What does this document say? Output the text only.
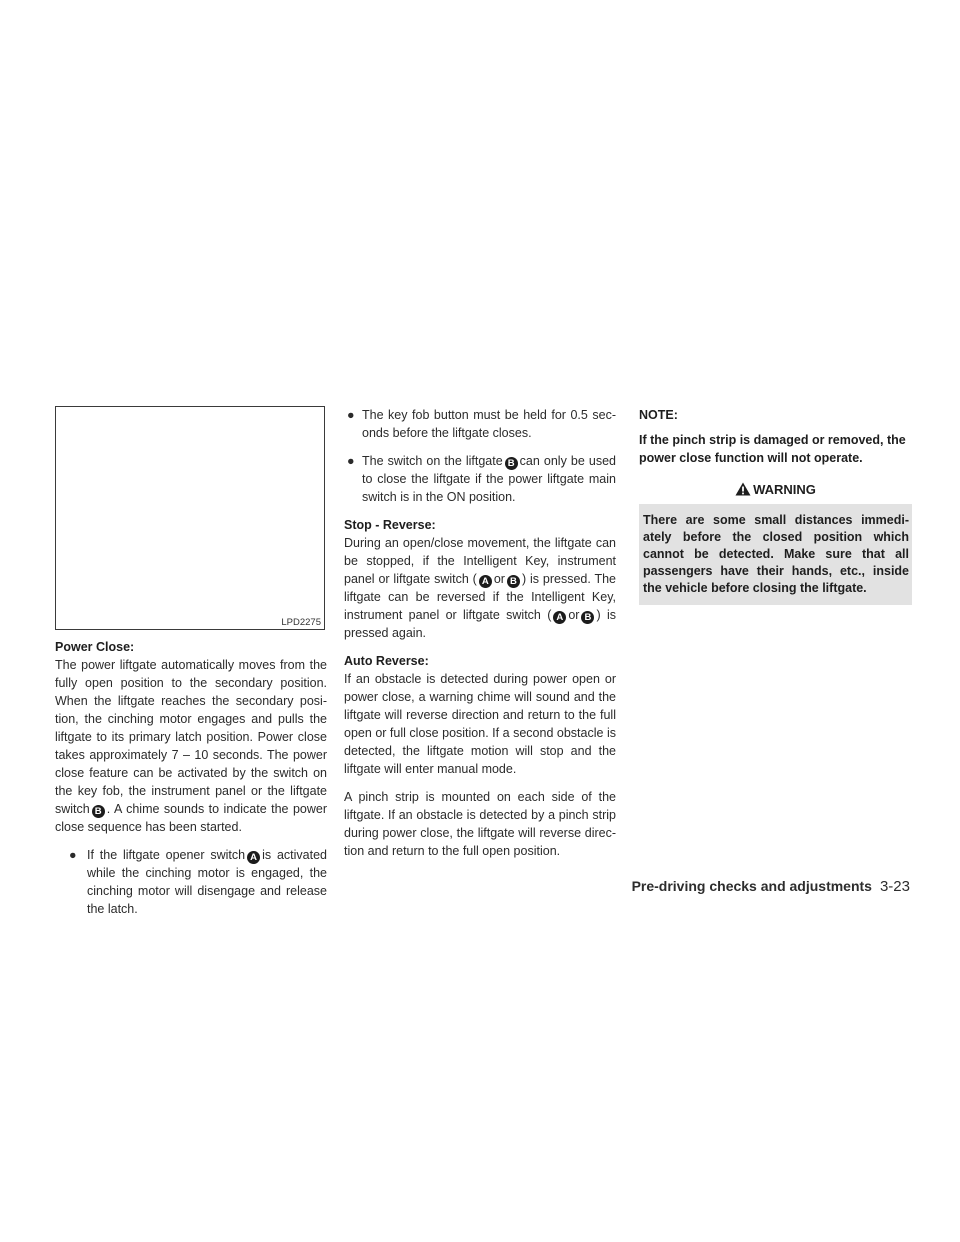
LPD2275
Power Close:

The power liftgate automatically moves from the fully open position to the secondary position. When the liftgate reaches the secondary posi-tion, the cinching motor engages and pulls the liftgate to its primary latch position. Power close takes approximately 7 – 10 seconds. The power close feature can be activated by the switch on the key fob, the instrument panel or the liftgate switch B . A chime sounds to indicate the power close sequence has been started.

● If the liftgate opener switch A is activated while the cinching motor is engaged, the cinching motor will disengage and release the latch.
● The key fob button must be held for 0.5 sec-onds before the liftgate closes.
● The switch on the liftgate B can only be used to close the liftgate if the power liftgate main switch is in the ON position.
Stop - Reverse:

During an open/close movement, the liftgate can be stopped, if the Intelligent Key, instrument panel or liftgate switch ( A or B ) is pressed. The liftgate can be reversed if the Intelligent Key, instrument panel or liftgate switch ( A or B ) is pressed again.

Auto Reverse:

If an obstacle is detected during power open or power close, a warning chime will sound and the liftgate will reverse direction and return to the full open or full close position. If a second obstacle is detected, the liftgate motion will stop and the liftgate will enter manual mode.

A pinch strip is mounted on each side of the liftgate. If an obstacle is detected by a pinch strip during power close, the liftgate will reverse direc-tion and return to the full open position.

NOTE:
If the pinch strip is damaged or removed, the power close function will not operate.
WARNING
There are some small distances immedi-ately before the closed position which cannot be detected. Make sure that all passengers have their hands, etc., inside the vehicle before closing the liftgate.
Pre-driving checks and adjustments 3-23
